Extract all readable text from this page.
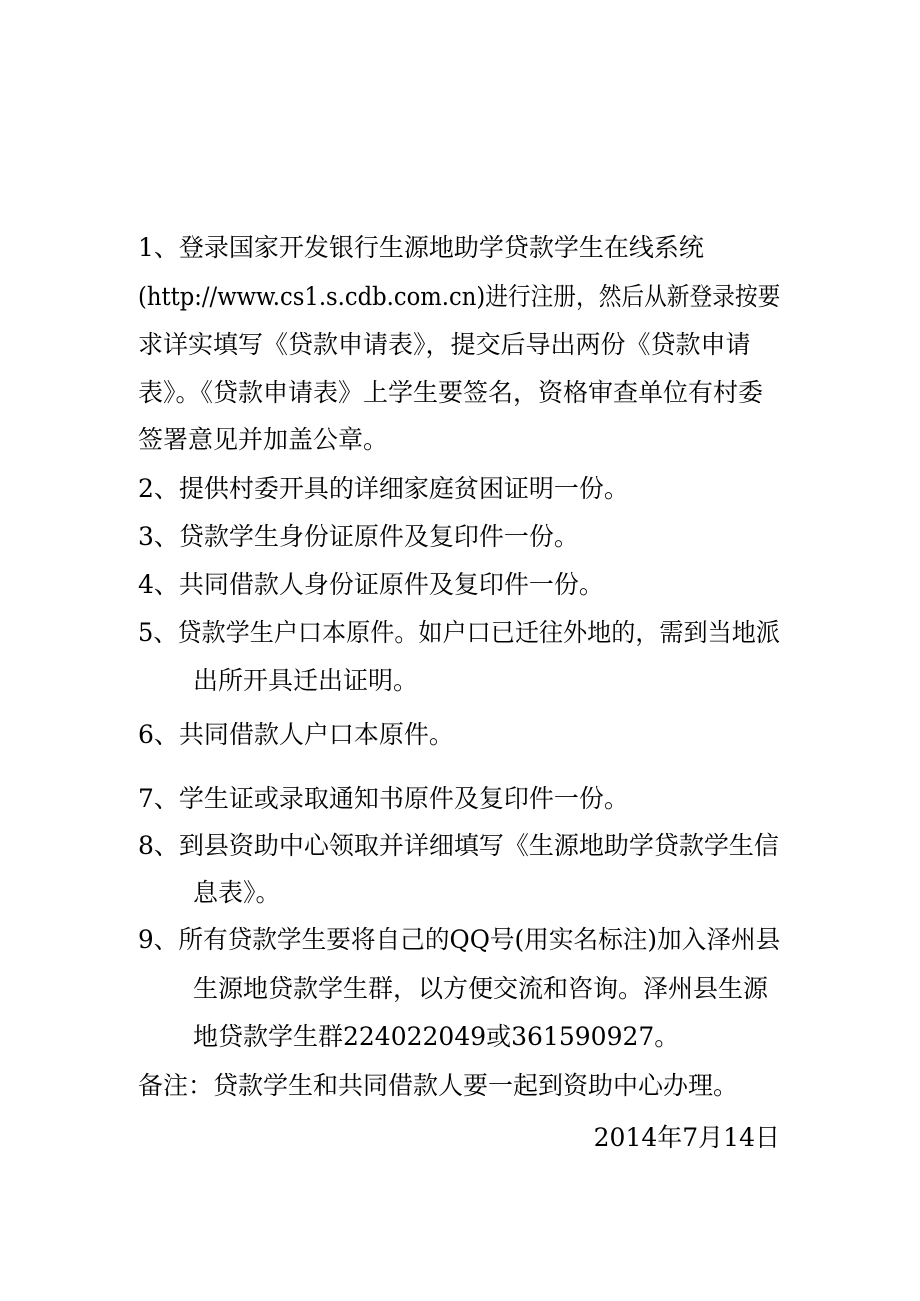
1、登录国家开发银行生源地助学贷款学生在线系统
(http://www.cs1.s.cdb.com.cn)进行注册，然后从新登录按要
求详实填写《贷款申请表》，提交后导出两份《贷款申请
表》。《贷款申请表》上学生要签名，资格审查单位有村委
签署意见并加盖公章。
2、提供村委开具的详细家庭贫困证明一份。
3、贷款学生身份证原件及复印件一份。
4、共同借款人身份证原件及复印件一份。
5、贷款学生户口本原件。如户口已迁往外地的，需到当地派
出所开具迁出证明。
6、共同借款人户口本原件。
7、学生证或录取通知书原件及复印件一份。
8、到县资助中心领取并详细填写《生源地助学贷款学生信
息表》。
9、所有贷款学生要将自己的QQ号(用实名标注)加入泽州县
生源地贷款学生群，以方便交流和咨询。泽州县生源
地贷款学生群224022049或361590927。
备注：贷款学生和共同借款人要一起到资助中心办理。
2014年7月14日
